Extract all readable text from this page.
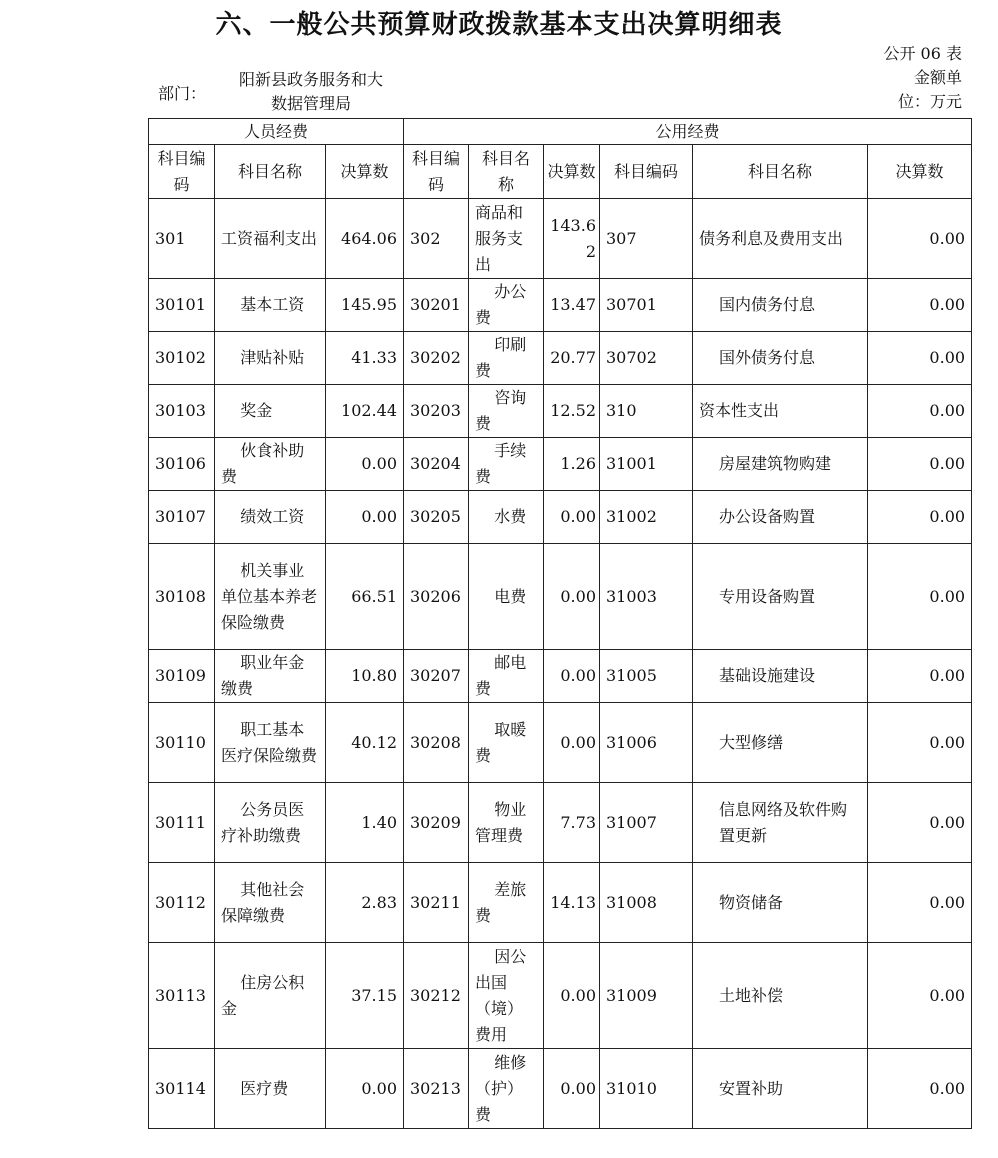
六、一般公共预算财政拨款基本支出决算明细表
公开 06 表
金额单
位：万元
部门：
阳新县政务服务和大
数据管理局
人员经费			公用经费					
科目编码	科目名称	决算数	科目编码	科目名称	决算数	科目编码	科目名称	决算数
301	工资福利支出	464.06	302	商品和服务支出	143.62	307	债务利息及费用支出	0.00
30101	基本工资	145.95	30201	办公费	13.47	30701	国内债务付息	0.00
30102	津贴补贴	41.33	30202	印刷费	20.77	30702	国外债务付息	0.00
30103	奖金	102.44	30203	咨询费	12.52	310	资本性支出	0.00
30106	伙食补助费	0.00	30204	手续费	1.26	31001	房屋建筑物购建	0.00
30107	绩效工资	0.00	30205	水费	0.00	31002	办公设备购置	0.00
30108	机关事业单位基本养老保险缴费	66.51	30206	电费	0.00	31003	专用设备购置	0.00
30109	职业年金缴费	10.80	30207	邮电费	0.00	31005	基础设施建设	0.00
30110	职工基本医疗保险缴费	40.12	30208	取暖费	0.00	31006	大型修缮	0.00
30111	公务员医疗补助缴费	1.40	30209	物业管理费	7.73	31007	信息网络及软件购置更新	0.00
30112	其他社会保障缴费	2.83	30211	差旅费	14.13	31008	物资储备	0.00
30113	住房公积金	37.15	30212	因公出国（境）费用	0.00	31009	土地补偿	0.00
30114	医疗费	0.00	30213	维修（护）费	0.00	31010	安置补助	0.00
